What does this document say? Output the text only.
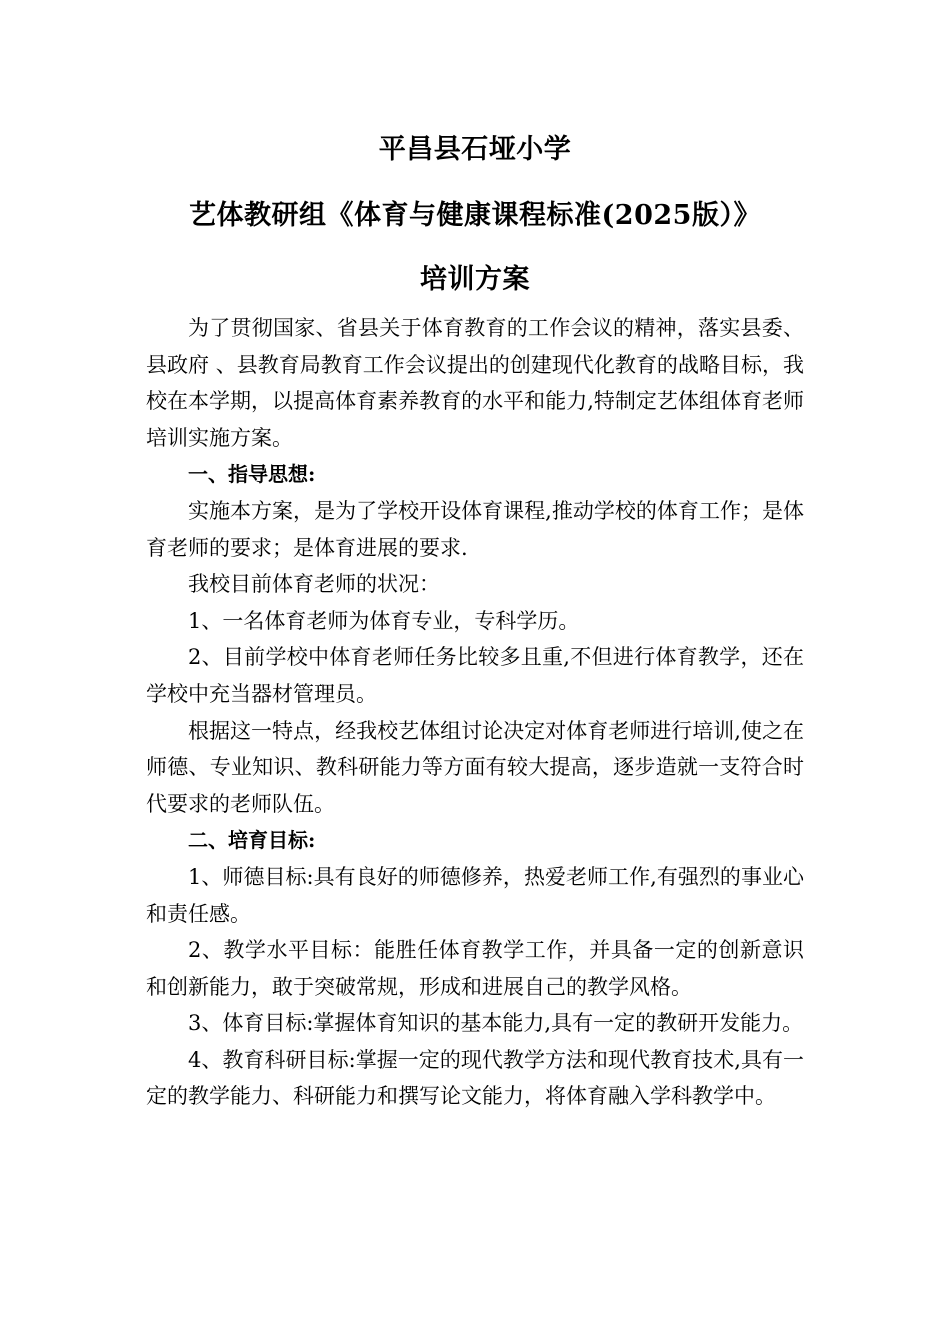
平昌县石垭小学
艺体教研组《体育与健康课程标准(2025版）》
培训方案

为了贯彻国家、省县关于体育教育的工作会议的精神，落实县委、县政府 、县教育局教育工作会议提出的创建现代化教育的战略目标，我校在本学期，以提高体育素养教育的水平和能力,特制定艺体组体育老师培训实施方案。

一、指导思想:

实施本方案，是为了学校开设体育课程,推动学校的体育工作；是体育老师的要求；是体育进展的要求.

我校目前体育老师的状况：

1、一名体育老师为体育专业，专科学历。

2、目前学校中体育老师任务比较多且重,不但进行体育教学，还在学校中充当器材管理员。

根据这一特点，经我校艺体组讨论决定对体育老师进行培训,使之在师德、专业知识、教科研能力等方面有较大提高，逐步造就一支符合时代要求的老师队伍。

二、培育目标:

1、师德目标:具有良好的师德修养，热爱老师工作,有强烈的事业心和责任感。

2、教学水平目标：能胜任体育教学工作，并具备一定的创新意识和创新能力，敢于突破常规，形成和进展自己的教学风格。

3、体育目标:掌握体育知识的基本能力,具有一定的教研开发能力。

4、教育科研目标:掌握一定的现代教学方法和现代教育技术,具有一定的教学能力、科研能力和撰写论文能力，将体育融入学科教学中。
